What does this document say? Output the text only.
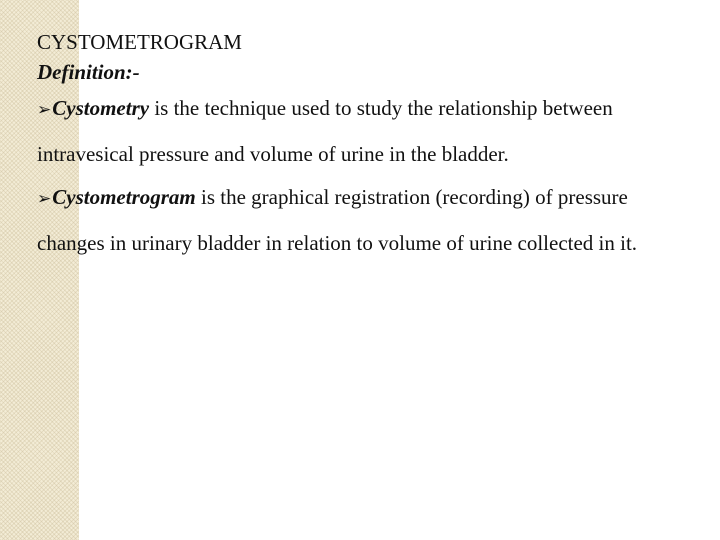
CYSTOMETROGRAM

Definition:-

➢Cystometry is the technique used to study the relationship between intravesical pressure and volume of urine in the bladder.

➢Cystometrogram is the graphical registration (recording) of pressure changes in urinary bladder in relation to volume of urine collected in it.
